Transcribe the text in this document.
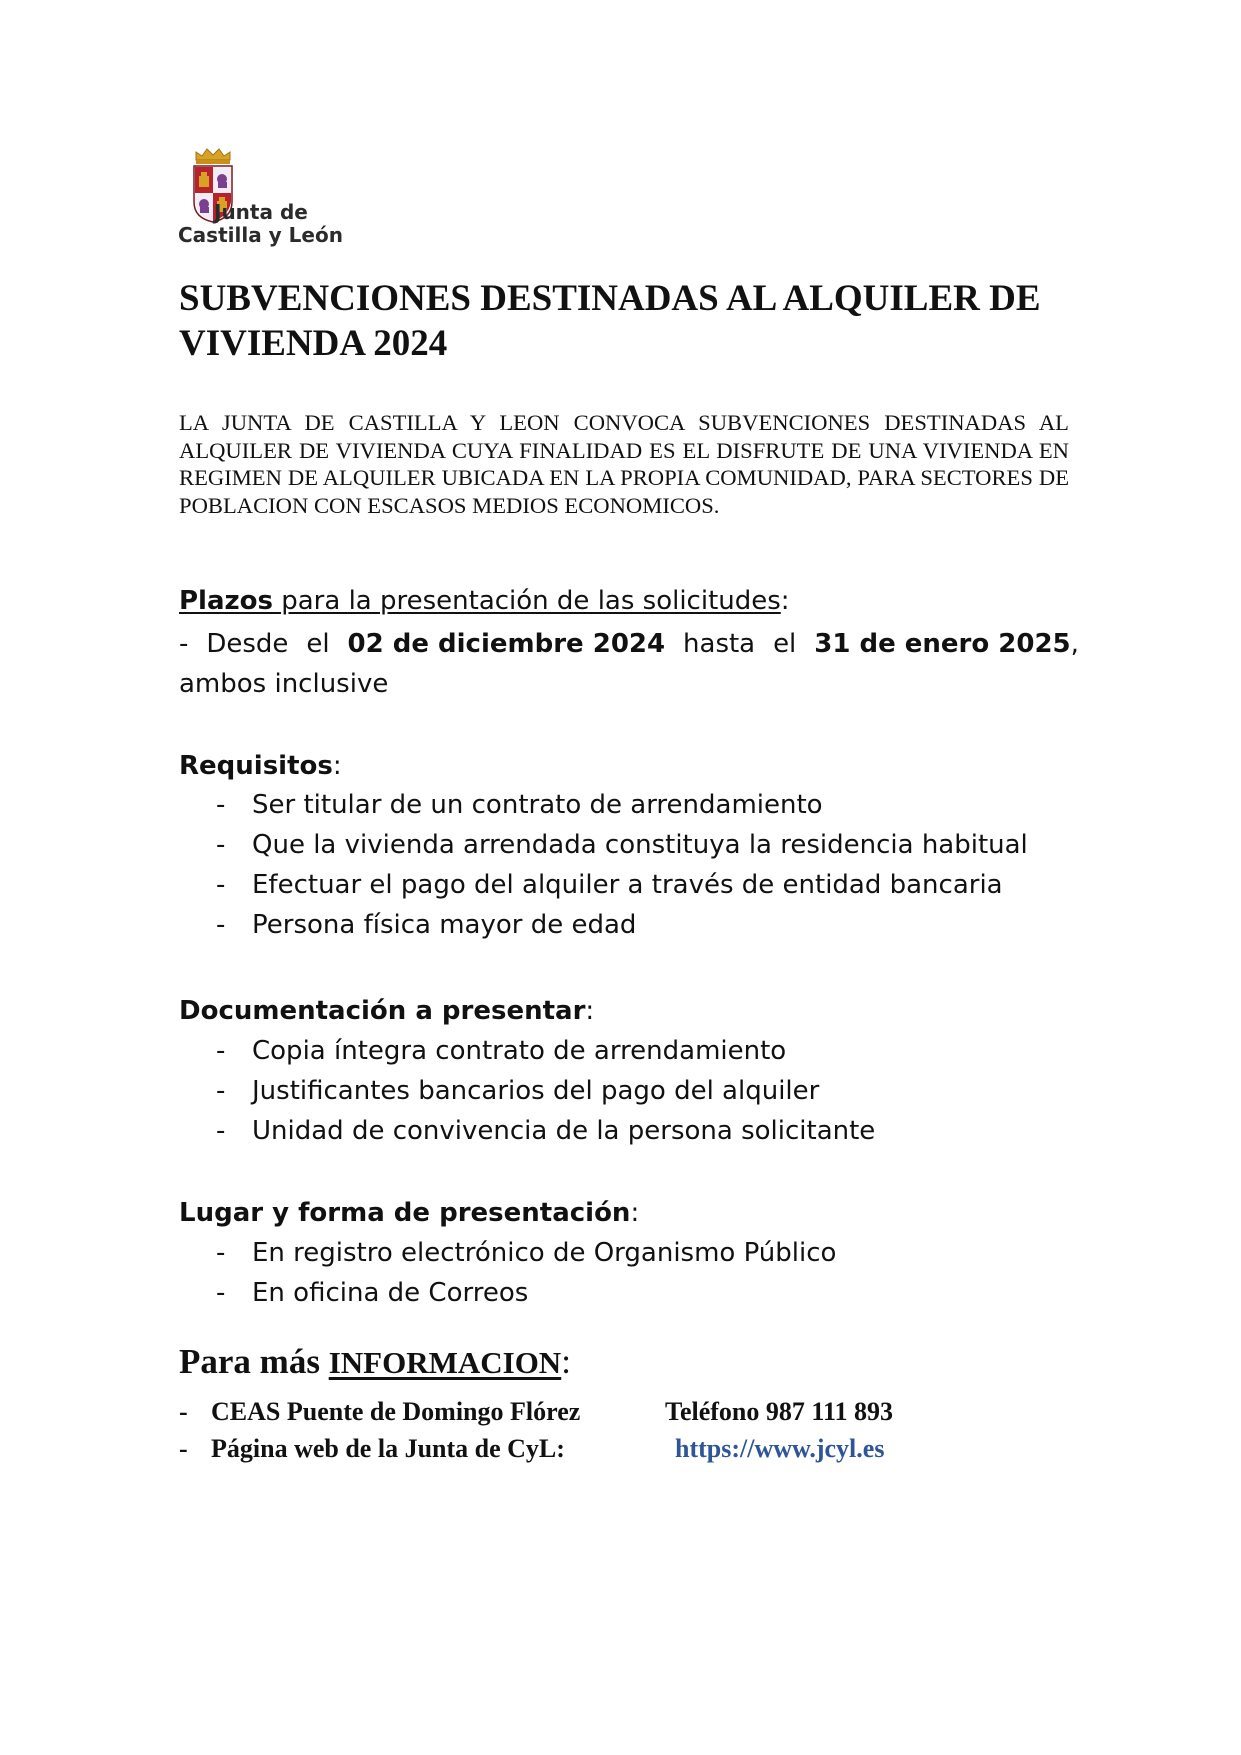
Junta de
Castilla y León
SUBVENCIONES DESTINADAS AL ALQUILER DE VIVIENDA 2024
LA JUNTA DE CASTILLA Y LEON CONVOCA SUBVENCIONES DESTINADAS AL ALQUILER DE VIVIENDA CUYA FINALIDAD ES EL DISFRUTE DE UNA VIVIENDA EN REGIMEN DE ALQUILER UBICADA EN LA PROPIA COMUNIDAD, PARA SECTORES DE POBLACION CON ESCASOS MEDIOS ECONOMICOS.
Plazos para la presentación de las solicitudes:
- Desde el 02 de diciembre 2024 hasta el 31 de enero 2025,
ambos inclusive
Requisitos:
- Ser titular de un contrato de arrendamiento
- Que la vivienda arrendada constituya la residencia habitual
- Efectuar el pago del alquiler a través de entidad bancaria
- Persona física mayor de edad
Documentación a presentar:
- Copia íntegra contrato de arrendamiento
- Justificantes bancarios del pago del alquiler
- Unidad de convivencia de la persona solicitante
Lugar y forma de presentación:
- En registro electrónico de Organismo Público
- En oficina de Correos
Para más INFORMACION:
- CEAS Puente de Domingo Flórez	Teléfono 987 111 893
- Página web de la Junta de CyL:	https://www.jcyl.es
